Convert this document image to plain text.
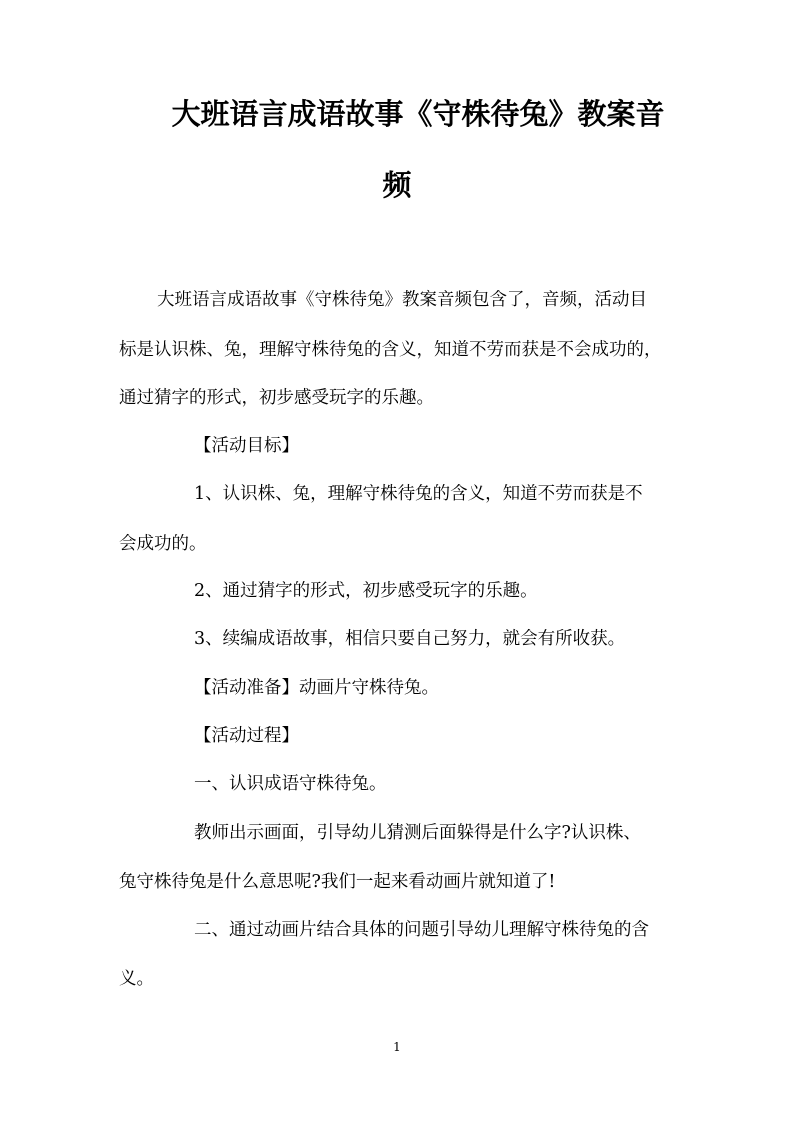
大班语言成语故事《守株待兔》教案音
频

大班语言成语故事《守株待兔》教案音频包含了，音频，活动目

标是认识株、兔，理解守株待兔的含义，知道不劳而获是不会成功的，

通过猜字的形式，初步感受玩字的乐趣。

【活动目标】

1、认识株、兔，理解守株待兔的含义，知道不劳而获是不

会成功的。

2、通过猜字的形式，初步感受玩字的乐趣。

3、续编成语故事，相信只要自己努力，就会有所收获。

【活动准备】动画片守株待兔。

【活动过程】

一、认识成语守株待兔。

教师出示画面，引导幼儿猜测后面躲得是什么字?认识株、

兔守株待兔是什么意思呢?我们一起来看动画片就知道了!

二、通过动画片结合具体的问题引导幼儿理解守株待兔的含

义。

1
